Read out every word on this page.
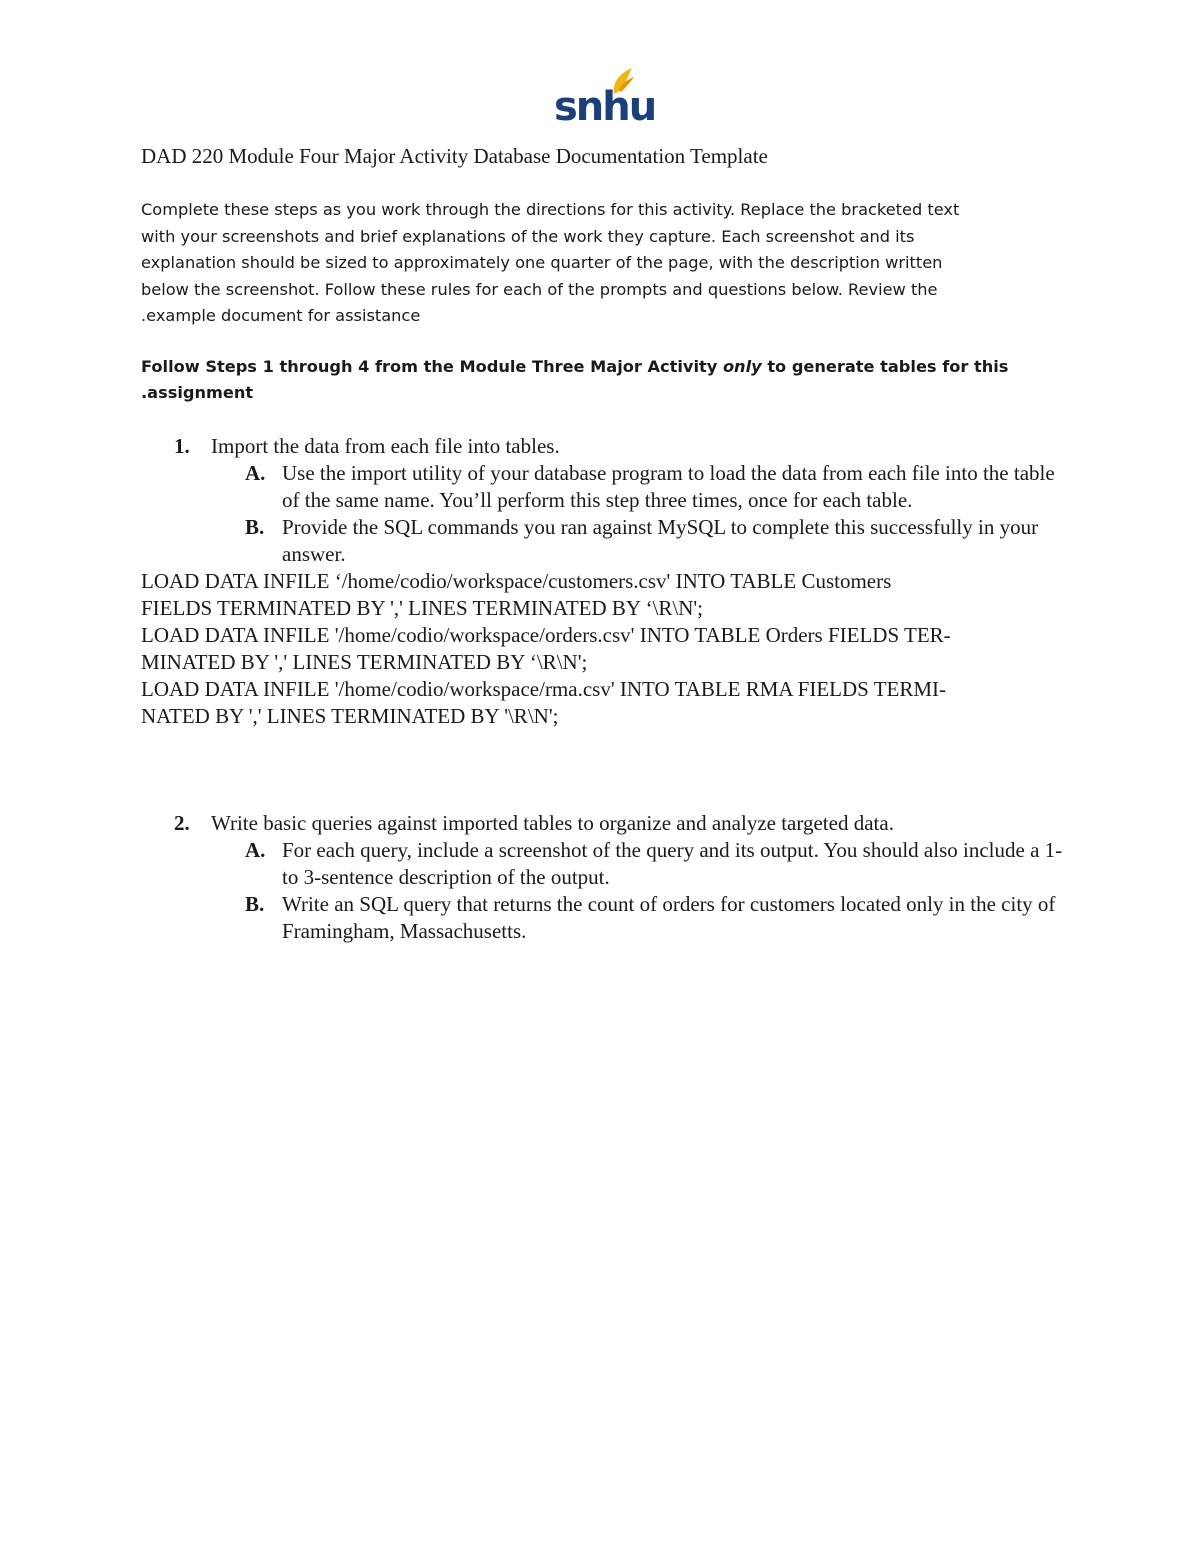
snhu
DAD 220 Module Four Major Activity Database Documentation Template
Complete these steps as you work through the directions for this activity. Replace the bracketed text
with your screenshots and brief explanations of the work they capture. Each screenshot and its
explanation should be sized to approximately one quarter of the page, with the description written
below the screenshot. Follow these rules for each of the prompts and questions below. Review the
.example document for assistance
Follow Steps 1 through 4 from the Module Three Major Activity only to generate tables for this
.assignment
1. Import the data from each file into tables.
A. Use the import utility of your database program to load the data from each file into the table of the same name. You’ll perform this step three times, once for each table.
B. Provide the SQL commands you ran against MySQL to complete this successfully in your answer.
LOAD DATA INFILE ‘/home/codio/workspace/customers.csv' INTO TABLE Customers
FIELDS TERMINATED BY ',' LINES TERMINATED BY ‘\R\N';
LOAD DATA INFILE '/home/codio/workspace/orders.csv' INTO TABLE Orders FIELDS TER-
MINATED BY ',' LINES TERMINATED BY ‘\R\N';
LOAD DATA INFILE '/home/codio/workspace/rma.csv' INTO TABLE RMA FIELDS TERMI-
NATED BY ',' LINES TERMINATED BY '\R\N';
2. Write basic queries against imported tables to organize and analyze targeted data.
A. For each query, include a screenshot of the query and its output. You should also include a 1- to 3-sentence description of the output.
B. Write an SQL query that returns the count of orders for customers located only in the city of Framingham, Massachusetts.
